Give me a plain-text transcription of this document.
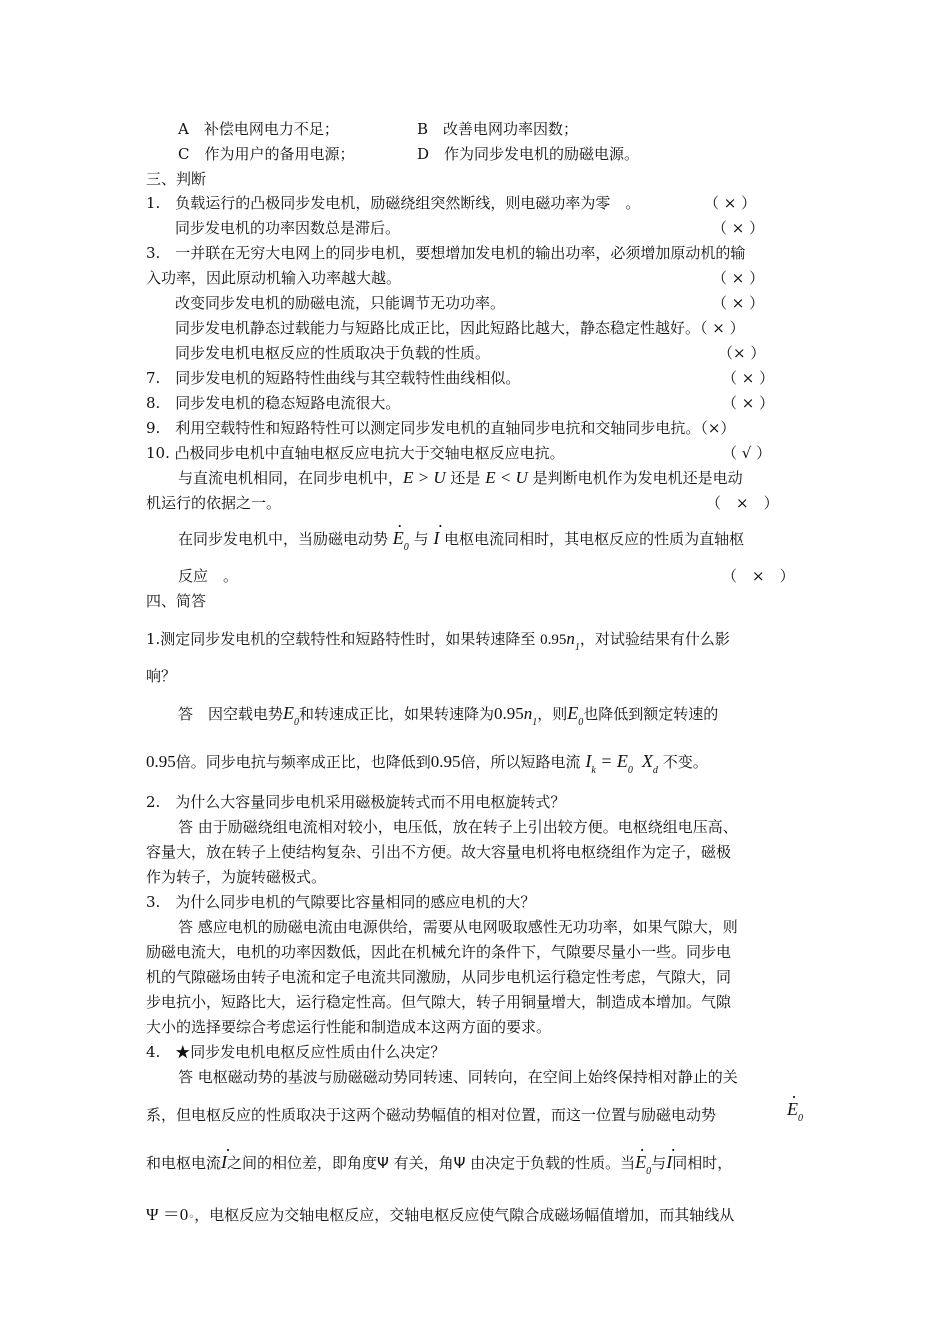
A　补偿电网电力不足；	B　改善电网功率因数；
C　作为用户的备用电源；	D　作为同步发电机的励磁电源。
三、判断
1.　负载运行的凸极同步发电机，励磁绕组突然断线，则电磁功率为零　。	（ × ）
同步发电机的功率因数总是滞后。	（ × ）
3.　一并联在无穷大电网上的同步电机，要想增加发电机的输出功率，必须增加原动机的输
入功率，因此原动机输入功率越大越。	（ × ）
改变同步发电机的励磁电流，只能调节无功功率。	（ × ）
同步发电机静态过载能力与短路比成正比，因此短路比越大，静态稳定性越好。（ × ）
同步发电机电枢反应的性质取决于负载的性质。	（× ）
7.　同步发电机的短路特性曲线与其空载特性曲线相似。	（ × ）
8.　同步发电机的稳态短路电流很大。	（ × ）
9.　利用空载特性和短路特性可以测定同步发电机的直轴同步电抗和交轴同步电抗。（×）
10. 凸极同步电机中直轴电枢反应电抗大于交轴电枢反应电抗。	（ √ ）
与直流电机相同，在同步电机中，E > U 还是 E < U 是判断电机作为发电机还是电动
机运行的依据之一。	（　×　）
在同步发电机中，当励磁电动势 · $E_0$ 与 · I 电枢电流同相时，其电枢反应的性质为直轴枢
反应　。	（　×　）
四、简答
1.测定同步发电机的空载特性和短路特性时，如果转速降至 $0.95n_1$，对试验结果有什么影
响？
答　因空载电势$E_0$和转速成正比，如果转速降为$0.95n_1$，则$E_0$也降低到额定转速的
0.95倍。同步电抗与频率成正比，也降低到0.95倍，所以短路电流 $I_k = E_0$  $X_d$ 不变。
2.　为什么大容量同步电机采用磁极旋转式而不用电枢旋转式？
答 由于励磁绕组电流相对较小，电压低，放在转子上引出较方便。电枢绕组电压高、
容量大，放在转子上使结构复杂、引出不方便。故大容量电机将电枢绕组作为定子，磁极
作为转子，为旋转磁极式。
3.　为什么同步电机的气隙要比容量相同的感应电机的大？
答 感应电机的励磁电流由电源供给，需要从电网吸取感性无功功率，如果气隙大，则
励磁电流大，电机的功率因数低，因此在机械允许的条件下，气隙要尽量小一些。同步电
机的气隙磁场由转子电流和定子电流共同激励，从同步电机运行稳定性考虑，气隙大，同
步电抗小，短路比大，运行稳定性高。但气隙大，转子用铜量增大，制造成本增加。气隙
大小的选择要综合考虑运行性能和制造成本这两方面的要求。
4.　★同步发电机电枢反应性质由什么决定？
答 电枢磁动势的基波与励磁磁动势同转速、同转向，在空间上始终保持相对静止的关
系，但电枢反应的性质取决于这两个磁动势幅值的相对位置，而这一位置与励磁电动势	· $E_0$
和电枢电流· I之间的相位差，即角度Ψ 有关，角Ψ 由决定于负载的性质。当· $E_0$与· I同相时，
Ψ ＝0◦，电枢反应为交轴电枢反应，交轴电枢反应使气隙合成磁场幅值增加，而其轴线从
